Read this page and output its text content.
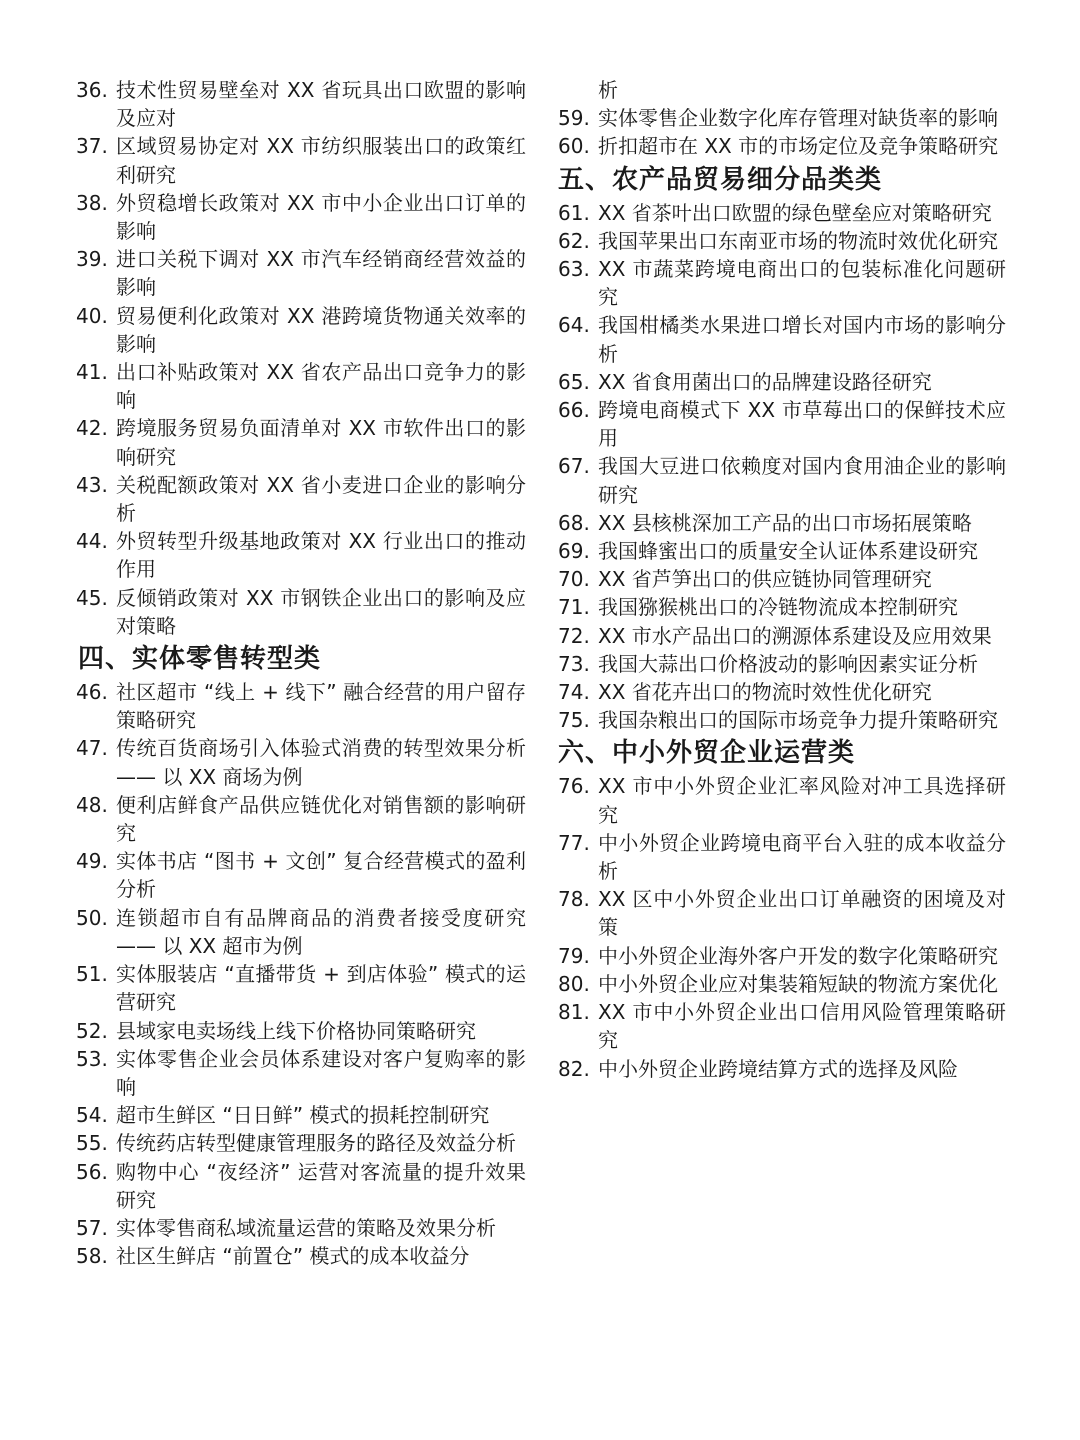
36. 技术性贸易壁垒对 XX 省玩具出口欧盟的影响及应对
37. 区域贸易协定对 XX 市纺织服装出口的政策红利研究
38. 外贸稳增长政策对 XX 市中小企业出口订单的影响
39. 进口关税下调对 XX 市汽车经销商经营效益的影响
40. 贸易便利化政策对 XX 港跨境货物通关效率的影响
41. 出口补贴政策对 XX 省农产品出口竞争力的影响
42. 跨境服务贸易负面清单对 XX 市软件出口的影响研究
43. 关税配额政策对 XX 省小麦进口企业的影响分析
44. 外贸转型升级基地政策对 XX 行业出口的推动作用
45. 反倾销政策对 XX 市钢铁企业出口的影响及应对策略
四、实体零售转型类
46. 社区超市 “线上 + 线下” 融合经营的用户留存策略研究
47. 传统百货商场引入体验式消费的转型效果分析 —— 以 XX 商场为例
48. 便利店鲜食产品供应链优化对销售额的影响研究
49. 实体书店 “图书 + 文创” 复合经营模式的盈利分析
50. 连锁超市自有品牌商品的消费者接受度研究 —— 以 XX 超市为例
51. 实体服装店 “直播带货 + 到店体验” 模式的运营研究
52. 县域家电卖场线上线下价格协同策略研究
53. 实体零售企业会员体系建设对客户复购率的影响
54. 超市生鲜区 “日日鲜” 模式的损耗控制研究
55. 传统药店转型健康管理服务的路径及效益分析
56. 购物中心 “夜经济” 运营对客流量的提升效果研究
57. 实体零售商私域流量运营的策略及效果分析
58. 社区生鲜店 “前置仓” 模式的成本收益分
析
59. 实体零售企业数字化库存管理对缺货率的影响
60. 折扣超市在 XX 市的市场定位及竞争策略研究
五、农产品贸易细分品类类
61. XX 省茶叶出口欧盟的绿色壁垒应对策略研究
62. 我国苹果出口东南亚市场的物流时效优化研究
63. XX 市蔬菜跨境电商出口的包装标准化问题研究
64. 我国柑橘类水果进口增长对国内市场的影响分析
65. XX 省食用菌出口的品牌建设路径研究
66. 跨境电商模式下 XX 市草莓出口的保鲜技术应用
67. 我国大豆进口依赖度对国内食用油企业的影响研究
68. XX 县核桃深加工产品的出口市场拓展策略
69. 我国蜂蜜出口的质量安全认证体系建设研究
70. XX 省芦笋出口的供应链协同管理研究
71. 我国猕猴桃出口的冷链物流成本控制研究
72. XX 市水产品出口的溯源体系建设及应用效果
73. 我国大蒜出口价格波动的影响因素实证分析
74. XX 省花卉出口的物流时效性优化研究
75. 我国杂粮出口的国际市场竞争力提升策略研究
六、中小外贸企业运营类
76. XX 市中小外贸企业汇率风险对冲工具选择研究
77. 中小外贸企业跨境电商平台入驻的成本收益分析
78. XX 区中小外贸企业出口订单融资的困境及对策
79. 中小外贸企业海外客户开发的数字化策略研究
80. 中小外贸企业应对集装箱短缺的物流方案优化
81. XX 市中小外贸企业出口信用风险管理策略研究
82. 中小外贸企业跨境结算方式的选择及风险
